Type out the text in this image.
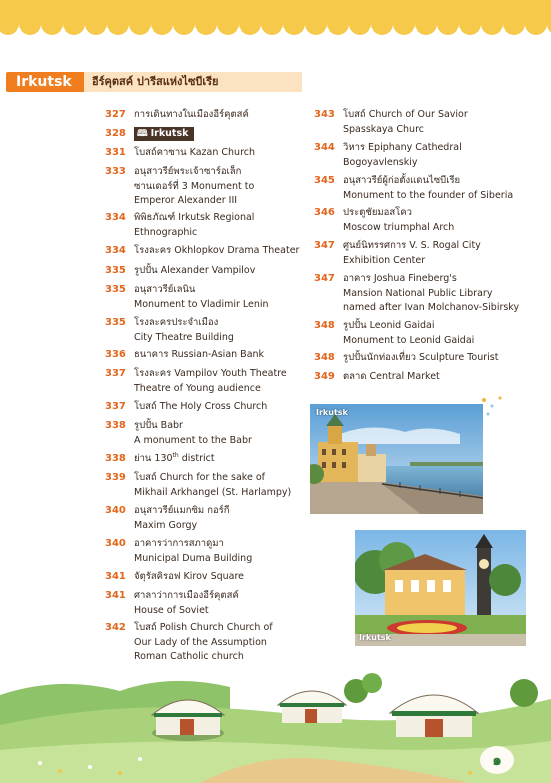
Irkutsk	อีร์คุตสค์ ปารีสแห่งไซบีเรีย
327 การเดินทางในเมืองอีร์คุตสค์
328	🕮 Irkutsk
331 โบสถ์คาซาน Kazan Church
333 อนุสาวรีย์พระเจ้าซาร์อเล็ก
ซานเดอร์ที่ 3 Monument to
Emperor Alexander III
334 พิพิธภัณฑ์ Irkutsk Regional
Ethnographic
334 โรงละคร Okhlopkov Drama Theater
335 รูปปั้น Alexander Vampilov
335 อนุสาวรีย์เลนิน
Monument to Vladimir Lenin
335 โรงละครประจำเมือง
City Theatre Building
336 ธนาคาร Russian-Asian Bank
337 โรงละคร Vampilov Youth Theatre
Theatre of Young audience
337 โบสถ์ The Holy Cross Church
338 รูปปั้น Babr
A monument to the Babr
338 ย่าน 130th district
339 โบสถ์ Church for the sake of
Mikhail Arkhangel (St. Harlampy)
340 อนุสาวรีย์แมกซิม กอร์กี
Maxim Gorgy
340 อาคารว่าการสภาดูมา
Municipal Duma Building
341 จัตุรัสคิรอฟ Kirov Square
341 ศาลาว่าการเมืองอีร์คุตสค์
House of Soviet
342 โบสถ์ Polish Church Church of
Our Lady of the Assumption
Roman Catholic church
343 โบสถ์ Church of Our Savior
Spasskaya Churc
344 วิหาร Epiphany Cathedral
Bogoyavlenskiy
345 อนุสาวรีย์ผู้ก่อตั้งแดนไซบีเรีย
Monument to the founder of Siberia
346 ประตูชัยมอสโคว
Moscow triumphal Arch
347 ศูนย์นิทรรศการ V. S. Rogal City
Exhibition Center
347 อาคาร Joshua Fineberg's
Mansion National Public Library
named after Ivan Molchanov-Sibirsky
348 รูปปั้น Leonid Gaidai
Monument to Leonid Gaidai
348 รูปปั้นนักท่องเที่ยว Sculpture Tourist
349 ตลาด Central Market
Irkutsk
Irkutsk
๑
